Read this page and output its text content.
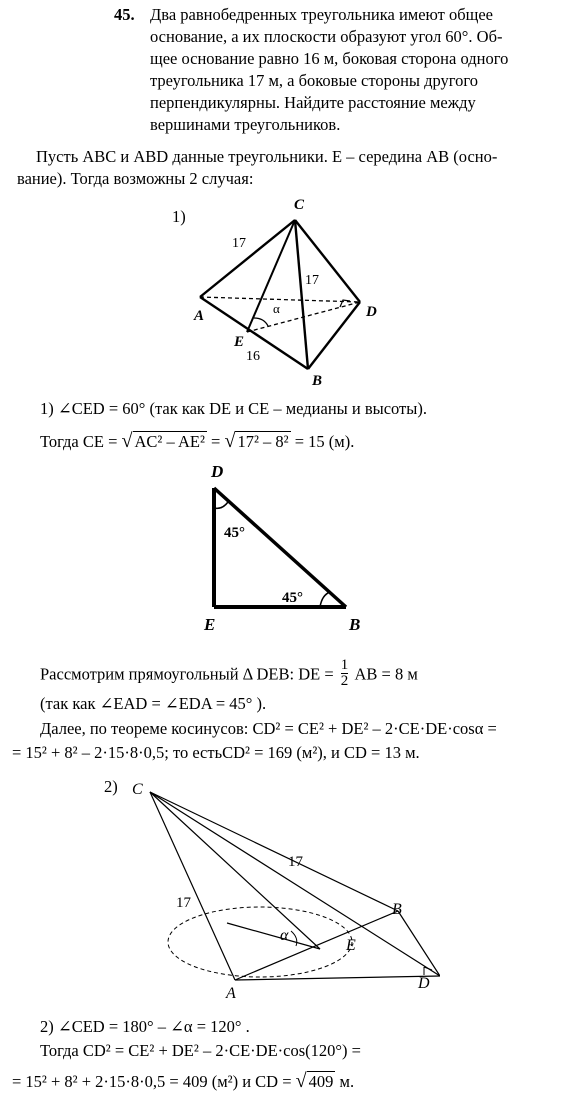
45. Два равнобедренных треугольника имеют общее
основание, а их плоскости образуют угол 60°. Об-
щее основание равно 16 м, боковая сторона одного
треугольника 17 м, а боковые стороны другого
перпендикулярны. Найдите расстояние между
вершинами треугольников.
Пусть ABC и ABD данные треугольники. E – середина AB (осно-
вание). Тогда возможны 2 случая:
1)
C
A
B
D
E
α
17
17
16
1) ∠CED = 60° (так как DE и CE – медианы и высоты).
Тогда CE = √ AC² – AE² = √ 17² – 8² = 15 (м).
D
E	B
45°
45°
Рассмотрим прямоугольный Δ DEB: DE = $\frac{1}{2}$ AB = 8 м
(так как ∠EAD = ∠EDA = 45° ).
Далее, по теореме косинусов: CD² = CE² + DE² – 2·CE·DE·cosα =
= 15² + 8² – 2·15·8·0,5; то естьCD² = 169 (м²), и CD = 13 м.
2) C
A
B
D
E
α
17
17
2) ∠CED = 180° – ∠α = 120° .
Тогда CD² = CE² + DE² – 2·CE·DE·cos(120°) =
= 15² + 8² + 2·15·8·0,5 = 409 (м²) и CD = √ 409 м.
